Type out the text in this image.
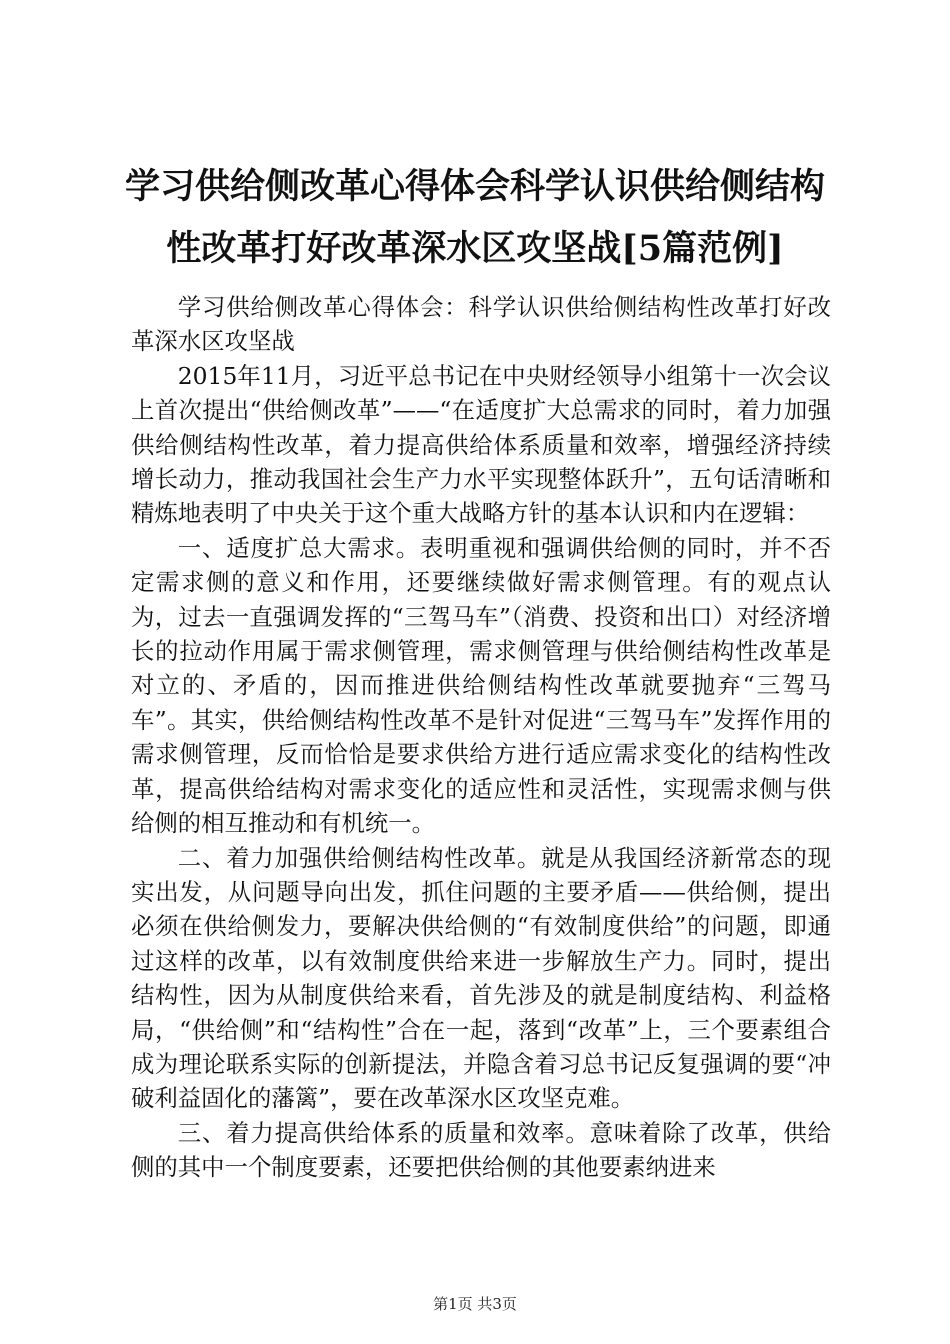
学习供给侧改革心得体会科学认识供给侧结构
性改革打好改革深水区攻坚战[5篇范例]

学习供给侧改革心得体会：科学认识供给侧结构性改革打好改革深水区攻坚战

2015年11月，习近平总书记在中央财经领导小组第十一次会议上首次提出“供给侧改革”——“在适度扩大总需求的同时，着力加强供给侧结构性改革，着力提高供给体系质量和效率，增强经济持续增长动力，推动我国社会生产力水平实现整体跃升”，五句话清晰和精炼地表明了中央关于这个重大战略方针的基本认识和内在逻辑：

一、适度扩总大需求。表明重视和强调供给侧的同时，并不否定需求侧的意义和作用，还要继续做好需求侧管理。有的观点认为，过去一直强调发挥的“三驾马车”（消费、投资和出口）对经济增长的拉动作用属于需求侧管理，需求侧管理与供给侧结构性改革是对立的、矛盾的，因而推进供给侧结构性改革就要抛弃“三驾马车”。其实，供给侧结构性改革不是针对促进“三驾马车”发挥作用的需求侧管理，反而恰恰是要求供给方进行适应需求变化的结构性改革，提高供给结构对需求变化的适应性和灵活性，实现需求侧与供给侧的相互推动和有机统一。

二、着力加强供给侧结构性改革。就是从我国经济新常态的现实出发，从问题导向出发，抓住问题的主要矛盾——供给侧，提出必须在供给侧发力，要解决供给侧的“有效制度供给”的问题，即通过这样的改革，以有效制度供给来进一步解放生产力。同时，提出结构性，因为从制度供给来看，首先涉及的就是制度结构、利益格局，“供给侧”和“结构性”合在一起，落到“改革”上，三个要素组合成为理论联系实际的创新提法，并隐含着习总书记反复强调的要“冲破利益固化的藩篱”，要在改革深水区攻坚克难。

三、着力提高供给体系的质量和效率。意味着除了改革，供给侧的其中一个制度要素，还要把供给侧的其他要素纳进来

第1页 共3页
